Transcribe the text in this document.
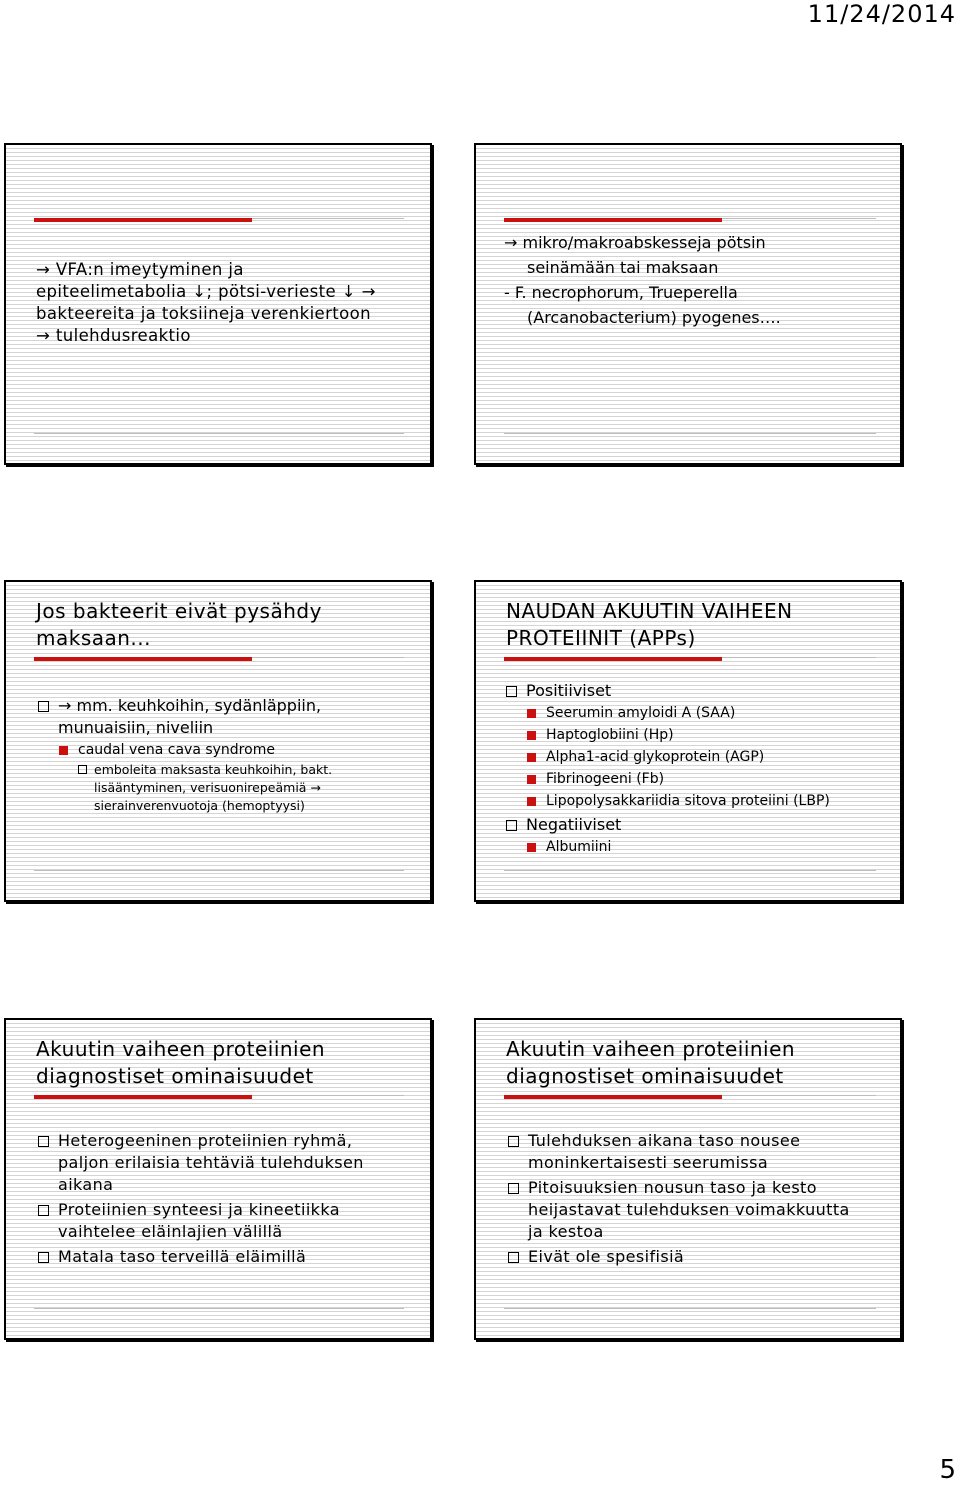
11/24/2014
→ VFA:n imeytyminen ja
epiteelimetabolia ↓; pötsi-verieste ↓ →
bakteereita ja toksiineja verenkiertoon
→ tulehdusreaktio
→ mikro/makroabskesseja pötsin
seinämään tai maksaan
- F. necrophorum, Trueperella
(Arcanobacterium) pyogenes….
Jos bakteerit eivät pysähdy
maksaan...
→ mm. keuhkoihin, sydänläppiin,
munuaisiin, niveliin
caudal vena cava syndrome
emboleita maksasta keuhkoihin, bakt.
lisääntyminen, verisuonirepeämiä →
sierainverenvuotoja (hemoptyysi)
NAUDAN AKUUTIN VAIHEEN
PROTEIINIT (APPs)
Positiiviset
Seerumin amyloidi A (SAA)
Haptoglobiini (Hp)
Alpha1-acid glykoprotein (AGP)
Fibrinogeeni (Fb)
Lipopolysakkariidia sitova proteiini (LBP)
Negatiiviset
Albumiini
Akuutin vaiheen proteiinien
diagnostiset ominaisuudet
Heterogeeninen proteiinien ryhmä,
paljon erilaisia tehtäviä tulehduksen
aikana
Proteiinien synteesi ja kineetiikka
vaihtelee eläinlajien välillä
Matala taso terveillä eläimillä
Akuutin vaiheen proteiinien
diagnostiset ominaisuudet
Tulehduksen aikana taso nousee
moninkertaisesti seerumissa
Pitoisuuksien nousun taso ja kesto
heijastavat tulehduksen voimakkuutta
ja kestoa
Eivät ole spesifisiä
5
